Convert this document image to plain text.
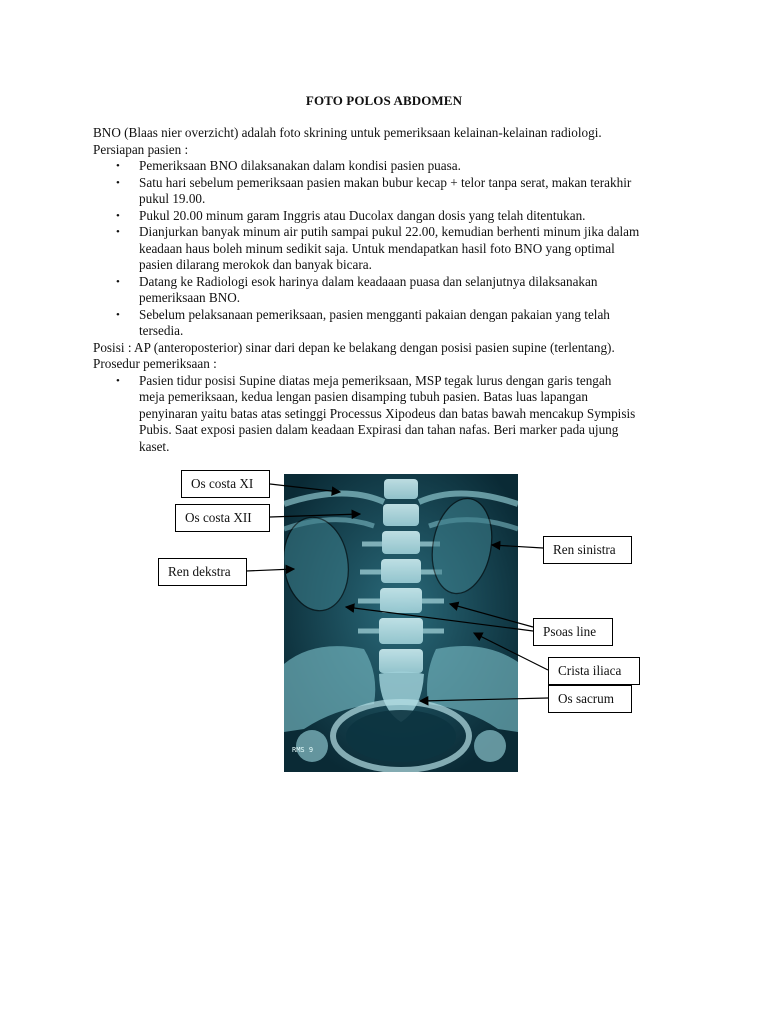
FOTO POLOS ABDOMEN

BNO (Blaas nier overzicht) adalah foto skrining untuk pemeriksaan kelainan-kelainan radiologi.

Persiapan pasien :

• Pemeriksaan BNO dilaksanakan dalam kondisi pasien puasa.
• Satu hari sebelum pemeriksaan pasien makan bubur kecap + telor tanpa serat, makan terakhir
pukul 19.00.
• Pukul 20.00 minum garam Inggris atau Ducolax dangan dosis yang telah ditentukan.
• Dianjurkan banyak minum air putih sampai pukul 22.00, kemudian berhenti minum jika dalam
keadaan haus boleh minum sedikit saja. Untuk mendapatkan hasil foto BNO yang optimal
pasien dilarang merokok dan banyak bicara.
• Datang ke Radiologi esok harinya dalam keadaaan puasa dan selanjutnya dilaksanakan
pemeriksaan BNO.
• Sebelum pelaksanaan pemeriksaan, pasien mengganti pakaian dengan pakaian yang telah
tersedia.

Posisi : AP (anteroposterior) sinar dari depan ke belakang dengan posisi pasien supine (terlentang).

Prosedur pemeriksaan :

• Pasien tidur posisi Supine diatas meja pemeriksaan, MSP tegak lurus dengan garis tengah
meja pemeriksaan, kedua lengan pasien disamping tubuh pasien. Batas luas lapangan
penyinaran yaitu batas atas setinggi Processus Xipodeus dan batas bawah mencakup Sympisis
Pubis. Saat exposi pasien dalam keadaan Expirasi dan tahan nafas. Beri marker pada ujung
kaset.
RMS 9
Os costa XI
Os costa XII
Ren dekstra
Ren sinistra
Psoas line
Crista iliaca
Os sacrum
